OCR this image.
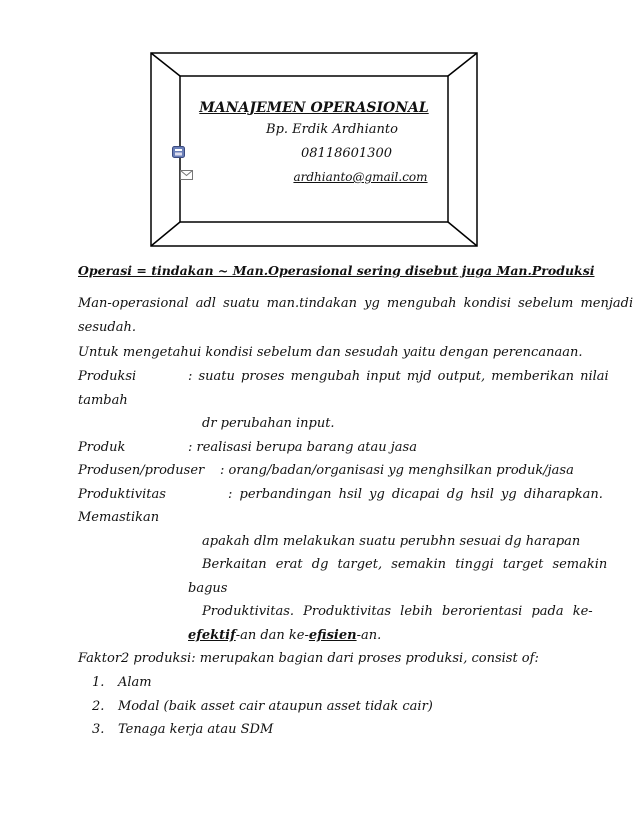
MANAJEMEN OPERASIONAL
Bp. Erdik Ardhianto
08118601300
ardhianto@gmail.com
Operasi = tindakan ~ Man.Operasional sering disebut juga Man.Produksi
Man-operasional adl suatu man.tindakan yg mengubah kondisi sebelum menjadi
sesudah.
Untuk mengetahui kondisi sebelum dan sesudah yaitu dengan perencanaan.
Produksi	: suatu proses mengubah input mjd output, memberikan nilai
tambah
dr perubahan input.
Produk	: realisasi berupa barang atau jasa
Produsen/produser : orang/badan/organisasi yg menghsilkan produk/jasa
Produktivitas	: perbandingan hsil yg dicapai dg hsil yg diharapkan.
Memastikan
apakah dlm melakukan suatu perubhn sesuai dg harapan
Berkaitan erat dg target, semakin tinggi target semakin
bagus
Produktivitas. Produktivitas lebih berorientasi pada ke-
efektif-an dan ke-efisien-an.
Faktor2 produksi: merupakan bagian dari proses produksi, consist of:
1. Alam
2. Modal (baik asset cair ataupun asset tidak cair)
3. Tenaga kerja atau SDM
